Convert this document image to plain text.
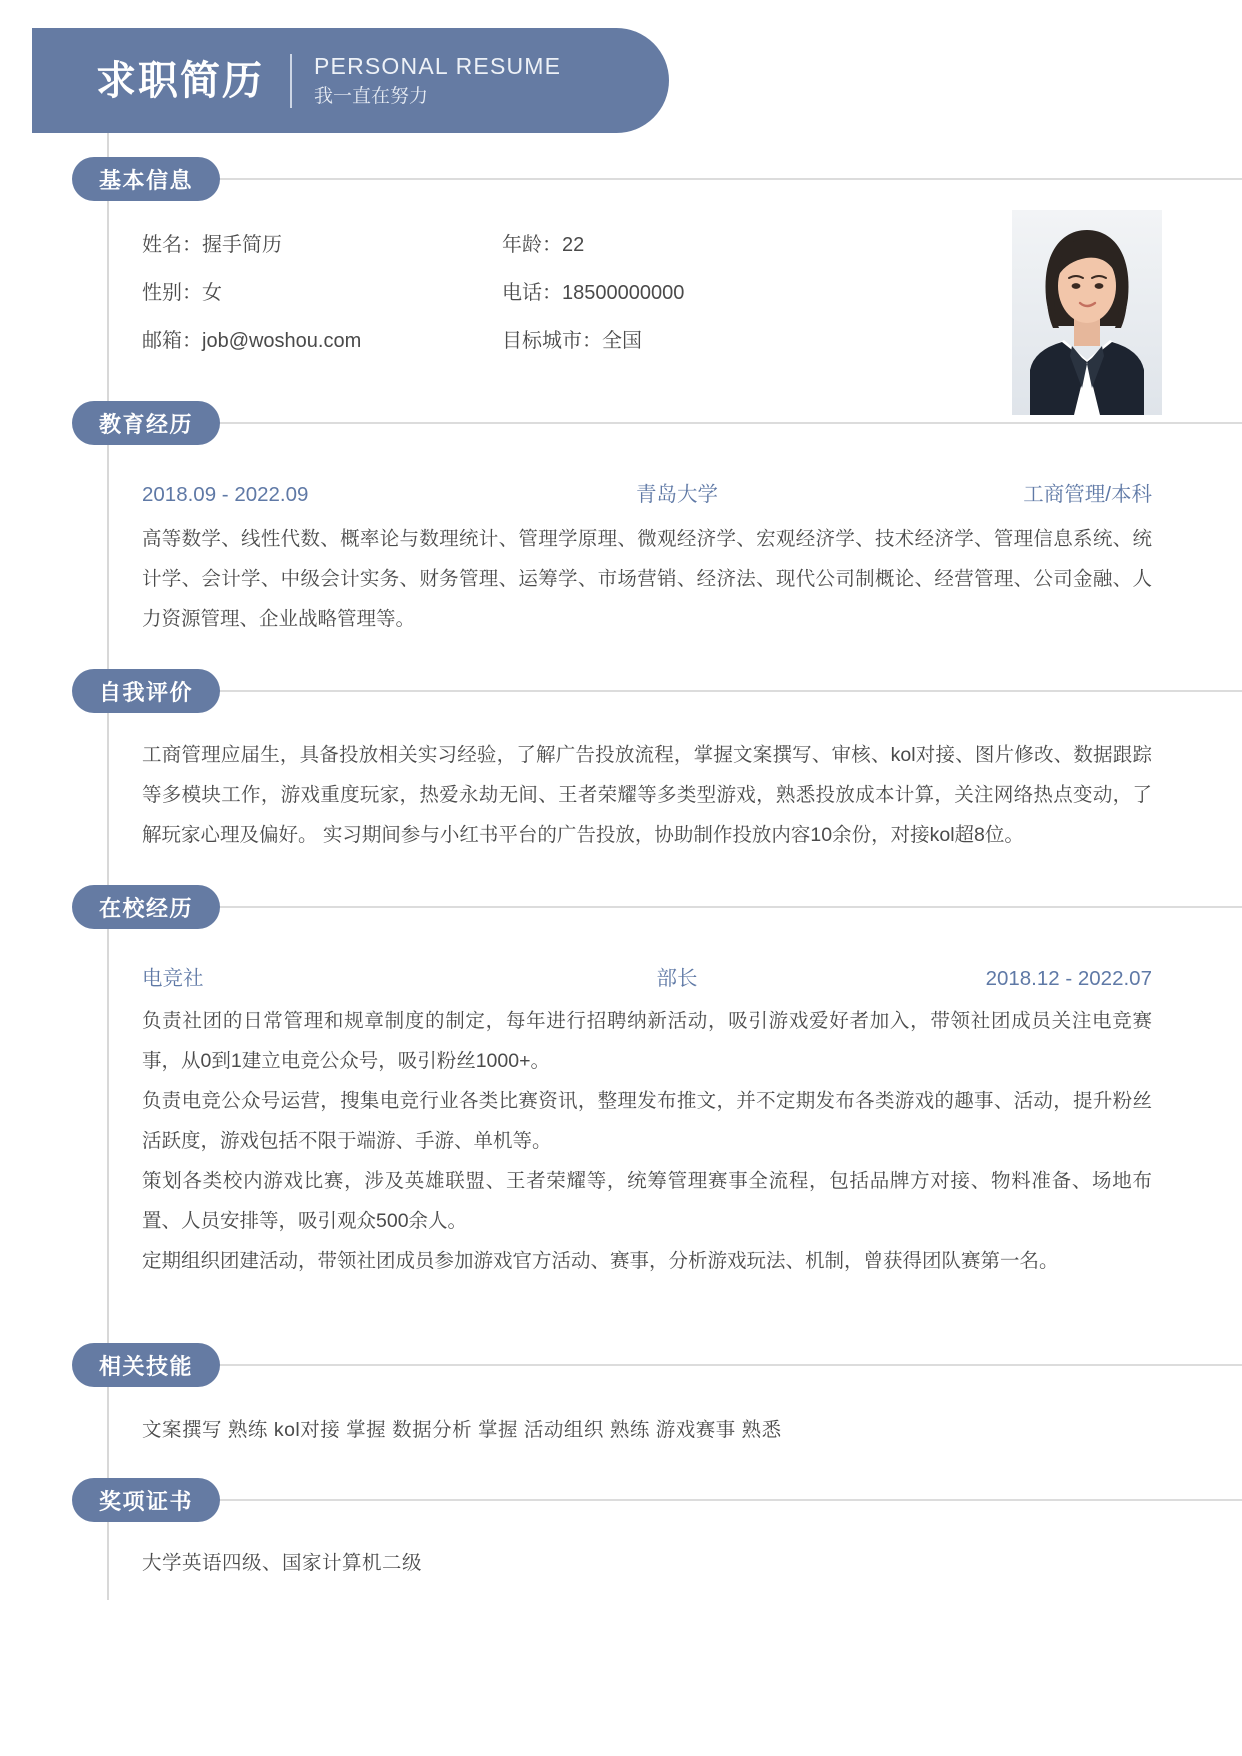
求职简历 PERSONAL RESUME
我一直在努力
基本信息
姓名：握手简历	年龄：22
性别：女	电话：18500000000
邮箱：job@woshou.com	目标城市：全国
教育经历
2018.09 - 2022.09	青岛大学	工商管理/本科
高等数学、线性代数、概率论与数理统计、管理学原理、微观经济学、宏观经济学、技术经济学、管理信息系统、统计学、会计学、中级会计实务、财务管理、运筹学、市场营销、经济法、现代公司制概论、经营管理、公司金融、人力资源管理、企业战略管理等。
自我评价
工商管理应届生，具备投放相关实习经验，了解广告投放流程，掌握文案撰写、审核、kol对接、图片修改、数据跟踪等多模块工作，游戏重度玩家，热爱永劫无间、王者荣耀等多类型游戏，熟悉投放成本计算，关注网络热点变动，了解玩家心理及偏好。 实习期间参与小红书平台的广告投放，协助制作投放内容10余份，对接kol超8位。
在校经历
电竞社	部长	2018.12 - 2022.07
负责社团的日常管理和规章制度的制定，每年进行招聘纳新活动，吸引游戏爱好者加入，带领社团成员关注电竞赛事，从0到1建立电竞公众号，吸引粉丝1000+。
负责电竞公众号运营，搜集电竞行业各类比赛资讯，整理发布推文，并不定期发布各类游戏的趣事、活动，提升粉丝活跃度，游戏包括不限于端游、手游、单机等。
策划各类校内游戏比赛，涉及英雄联盟、王者荣耀等，统筹管理赛事全流程，包括品牌方对接、物料准备、场地布置、人员安排等，吸引观众500余人。
定期组织团建活动，带领社团成员参加游戏官方活动、赛事，分析游戏玩法、机制，曾获得团队赛第一名。
相关技能
文案撰写 熟练 kol对接 掌握 数据分析 掌握 活动组织 熟练 游戏赛事 熟悉
奖项证书
大学英语四级、国家计算机二级
